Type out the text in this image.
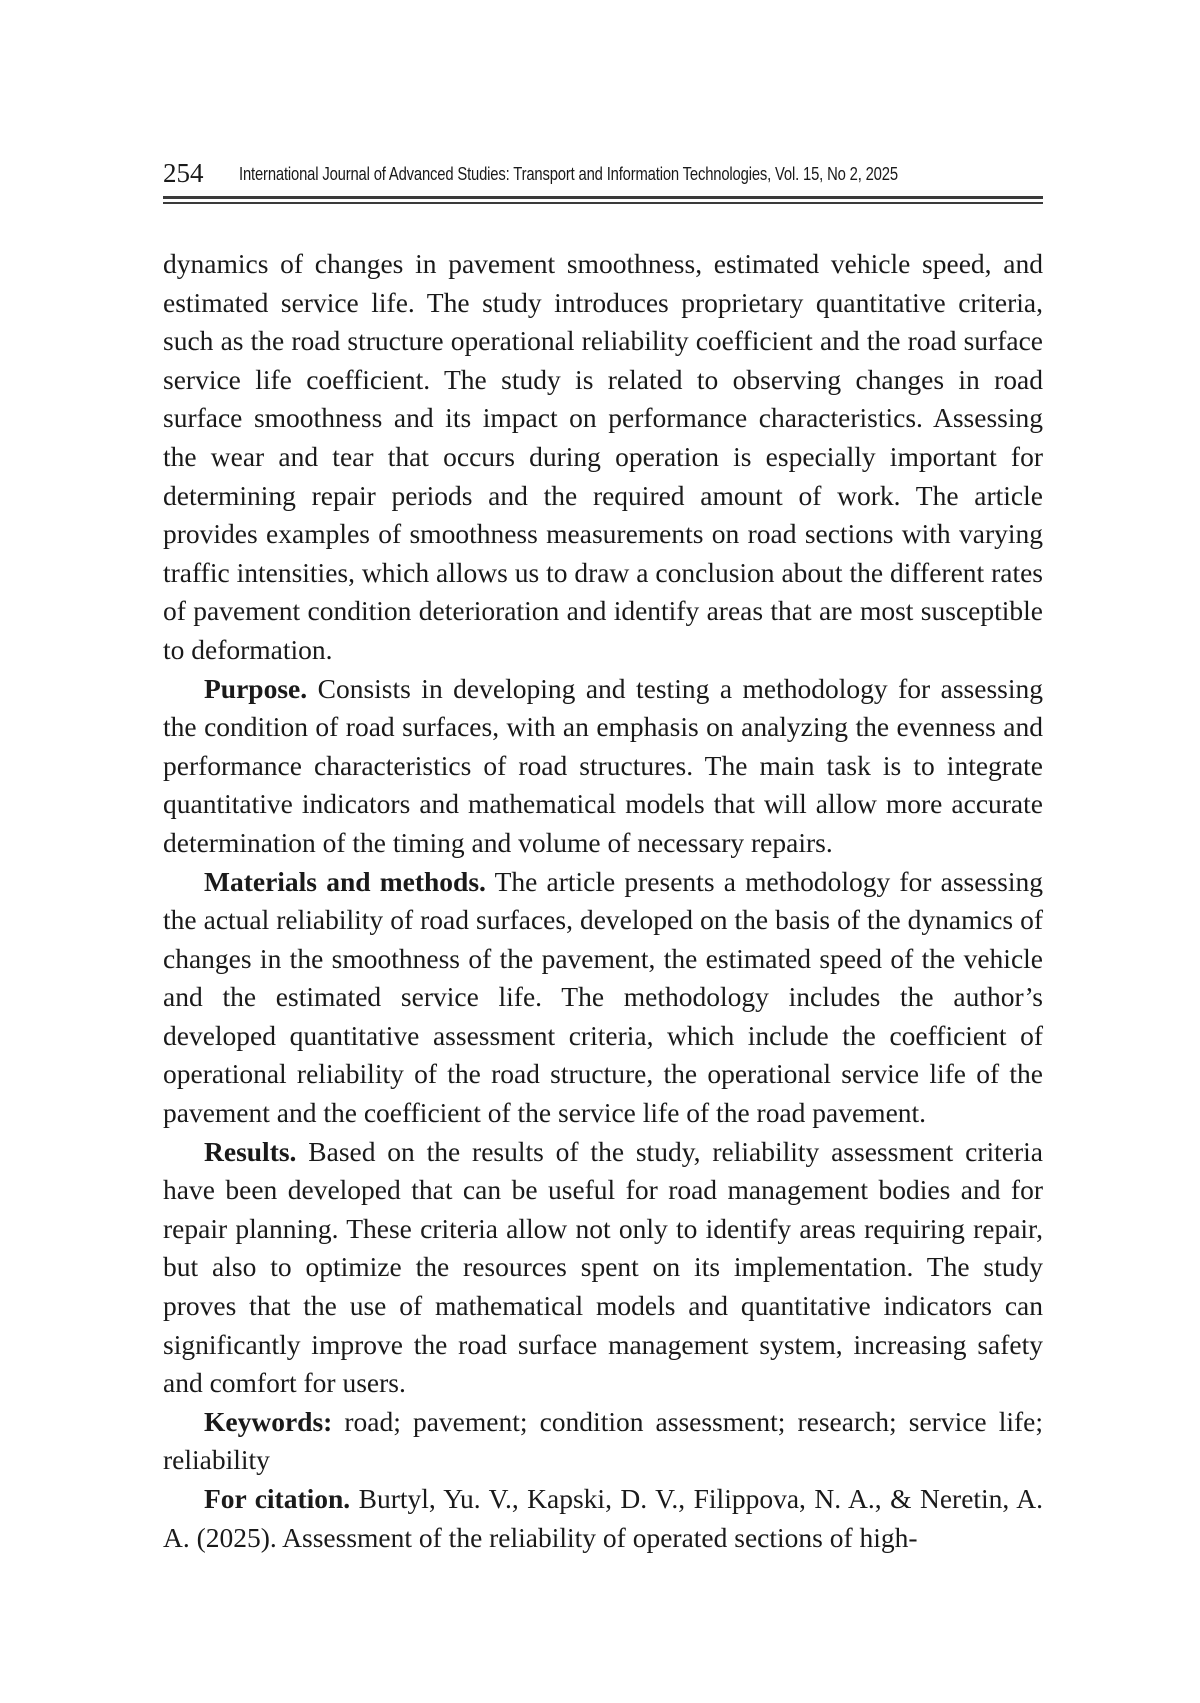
254 International Journal of Advanced Studies: Transport and Information Technologies, Vol. 15, No 2, 2025

dynamics of changes in pavement smoothness, estimated vehicle speed, and estimated service life. The study introduces proprietary quantitative criteria, such as the road structure operational reliability coefficient and the road surface service life coefficient. The study is related to observing changes in road surface smoothness and its impact on performance characteristics. Assessing the wear and tear that occurs during operation is especially important for determining repair periods and the required amount of work. The article provides examples of smoothness measurements on road sections with varying traffic intensities, which allows us to draw a conclusion about the different rates of pavement condition deterioration and identify areas that are most susceptible to deformation.

Purpose. Consists in developing and testing a methodology for assessing the condition of road surfaces, with an emphasis on analyzing the evenness and performance characteristics of road structures. The main task is to integrate quantitative indicators and mathematical models that will allow more accurate determination of the timing and volume of necessary repairs.

Materials and methods. The article presents a methodology for assessing the actual reliability of road surfaces, developed on the basis of the dynamics of changes in the smoothness of the pavement, the estimated speed of the vehicle and the estimated service life. The methodology includes the author’s developed quantitative assessment criteria, which include the coefficient of operational reliability of the road structure, the operational service life of the pavement and the coefficient of the service life of the road pavement.

Results. Based on the results of the study, reliability assessment criteria have been developed that can be useful for road management bodies and for repair planning. These criteria allow not only to identify areas requiring repair, but also to optimize the resources spent on its implementation. The study proves that the use of mathematical models and quantitative indicators can significantly improve the road surface management system, increasing safety and comfort for users.

Keywords: road; pavement; condition assessment; research; service life; reliability

For citation. Burtyl, Yu. V., Kapski, D. V., Filippova, N. A., & Neretin, A. A. (2025). Assessment of the reliability of operated sections of high-
